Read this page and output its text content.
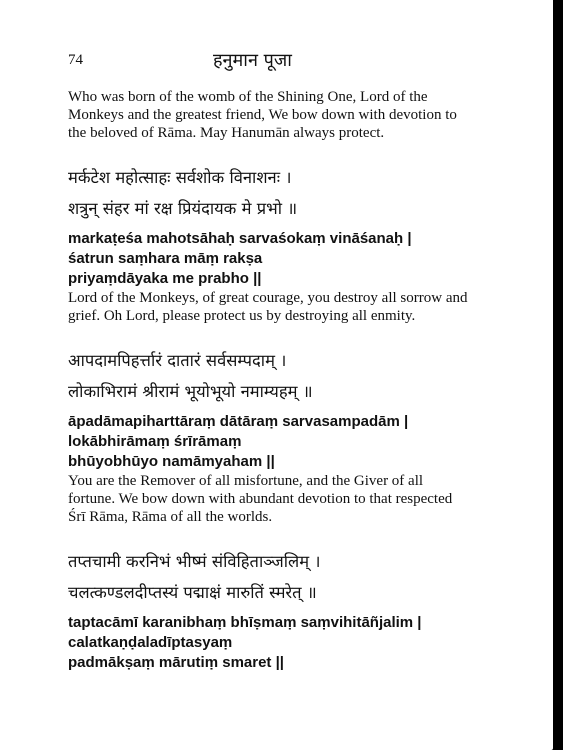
74	हनुमान पूजा

Who was born of the womb of the Shining One, Lord of the Monkeys and the greatest friend, We bow down with devotion to the beloved of Rāma. May Hanumān always protect.

मर्कटेश महोत्साहः सर्वशोक विनाशनः ।

शत्रुन् संहर मां रक्ष प्रियंदायक मे प्रभो ॥

markaṭeśa mahotsāhaḥ sarvaśokaṃ vināśanaḥ |

śatrun saṃhara māṃ rakṣa

priyaṃdāyaka me prabho ||

Lord of the Monkeys, of great courage, you destroy all sorrow and grief. Oh Lord, please protect us by destroying all enmity.

आपदामपिहर्त्तारं दातारं सर्वसम्पदाम् ।

लोकाभिरामं श्रीरामं भूयोभूयो नमाम्यहम् ॥

āpadāmapiharttāraṃ dātāraṃ sarvasampadām |

lokābhirāmaṃ śrīrāmaṃ

bhūyobhūyo namāmyaham ||

You are the Remover of all misfortune, and the Giver of all fortune. We bow down with abundant devotion to that respected Śrī Rāma, Rāma of all the worlds.

तप्तचामी करनिभं भीष्मं संविहिताञ्जलिम् ।

चलत्कण्डलदीप्तस्यं पद्माक्षं मारुतिं स्मरेत् ॥

taptacāmī karanibhaṃ bhīṣmaṃ saṃvihitāñjalim |

calatkaṇḍaladīptasyaṃ

padmākṣaṃ mārutiṃ smaret ||
